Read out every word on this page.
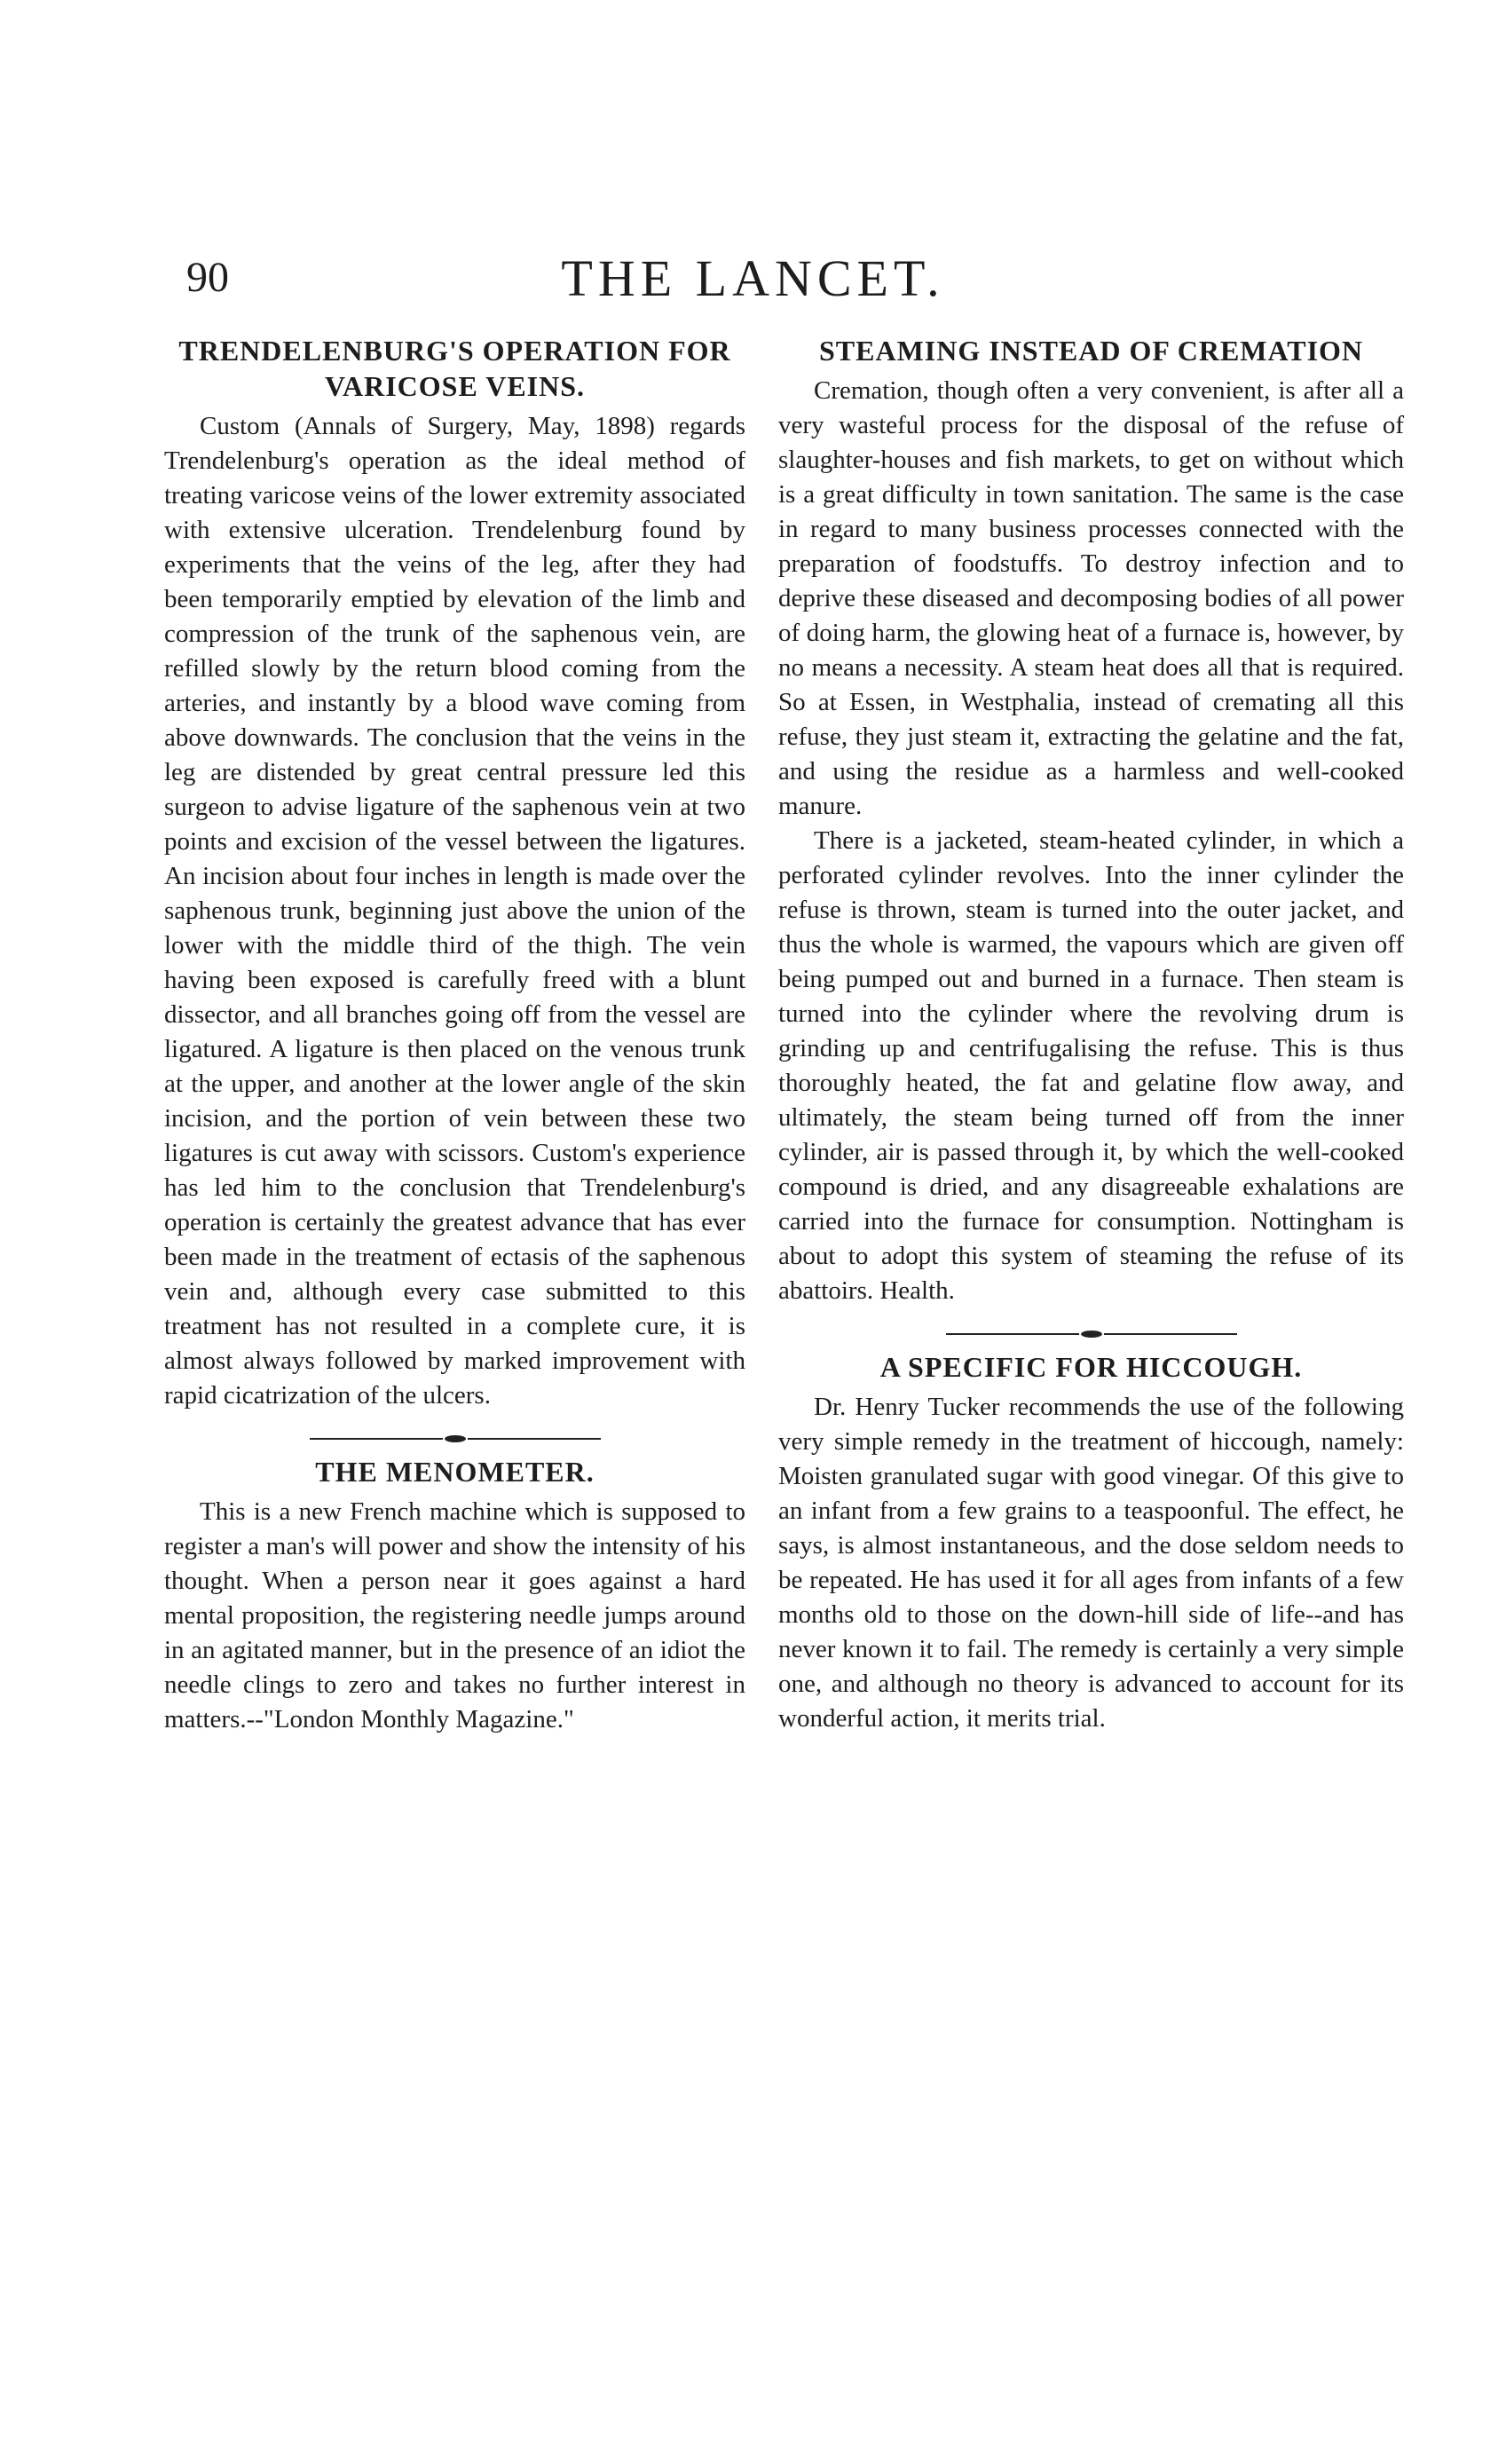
90	THE LANCET.
TRENDELENBURG'S OPERATION FOR VARICOSE VEINS.

Custom (Annals of Surgery, May, 1898) regards Trendelenburg's operation as the ideal method of treating varicose veins of the lower extremity associated with extensive ulceration. Trendelenburg found by experiments that the veins of the leg, after they had been temporarily emptied by elevation of the limb and compression of the trunk of the saphenous vein, are refilled slowly by the return blood coming from the arteries, and instantly by a blood wave coming from above downwards. The conclusion that the veins in the leg are distended by great central pressure led this surgeon to advise ligature of the saphenous vein at two points and excision of the vessel between the ligatures. An incision about four inches in length is made over the saphenous trunk, beginning just above the union of the lower with the middle third of the thigh. The vein having been exposed is carefully freed with a blunt dissector, and all branches going off from the vessel are ligatured. A ligature is then placed on the venous trunk at the upper, and another at the lower angle of the skin incision, and the portion of vein between these two ligatures is cut away with scissors. Custom's experience has led him to the conclusion that Trendelenburg's operation is certainly the greatest advance that has ever been made in the treatment of ectasis of the saphenous vein and, although every case submitted to this treatment has not resulted in a complete cure, it is almost always followed by marked improvement with rapid cicatrization of the ulcers.

THE MENOMETER.

This is a new French machine which is supposed to register a man's will power and show the intensity of his thought. When a person near it goes against a hard mental proposition, the registering needle jumps around in an agitated manner, but in the presence of an idiot the needle clings to zero and takes no further interest in matters.--"London Monthly Magazine."

STEAMING INSTEAD OF CREMATION

Cremation, though often a very convenient, is after all a very wasteful process for the disposal of the refuse of slaughter-houses and fish markets, to get on without which is a great difficulty in town sanitation. The same is the case in regard to many business processes connected with the preparation of foodstuffs. To destroy infection and to deprive these diseased and decomposing bodies of all power of doing harm, the glowing heat of a furnace is, however, by no means a necessity. A steam heat does all that is required. So at Essen, in Westphalia, instead of cremating all this refuse, they just steam it, extracting the gelatine and the fat, and using the residue as a harmless and well-cooked manure.

There is a jacketed, steam-heated cylinder, in which a perforated cylinder revolves. Into the inner cylinder the refuse is thrown, steam is turned into the outer jacket, and thus the whole is warmed, the vapours which are given off being pumped out and burned in a furnace. Then steam is turned into the cylinder where the revolving drum is grinding up and centrifugalising the refuse. This is thus thoroughly heated, the fat and gelatine flow away, and ultimately, the steam being turned off from the inner cylinder, air is passed through it, by which the well-cooked compound is dried, and any disagreeable exhalations are carried into the furnace for consumption. Nottingham is about to adopt this system of steaming the refuse of its abattoirs. Health.

A SPECIFIC FOR HICCOUGH.

Dr. Henry Tucker recommends the use of the following very simple remedy in the treatment of hiccough, namely: Moisten granulated sugar with good vinegar. Of this give to an infant from a few grains to a teaspoonful. The effect, he says, is almost instantaneous, and the dose seldom needs to be repeated. He has used it for all ages from infants of a few months old to those on the down-hill side of life--and has never known it to fail. The remedy is certainly a very simple one, and although no theory is advanced to account for its wonderful action, it merits trial.
